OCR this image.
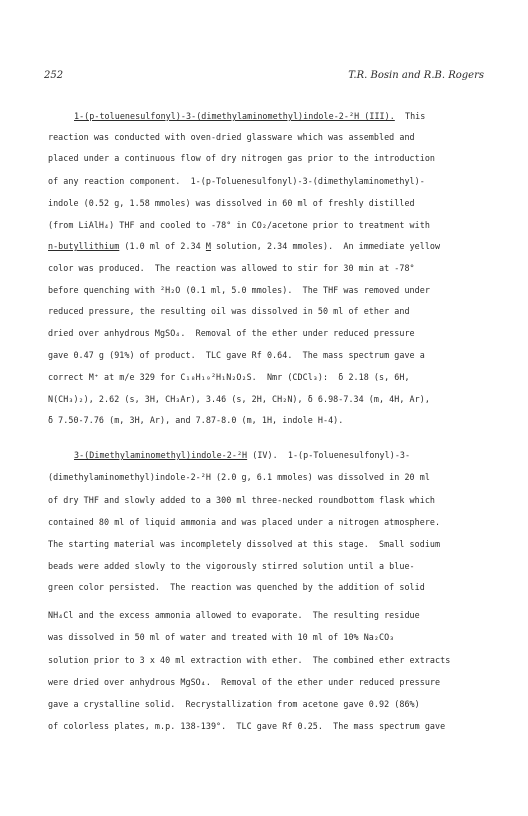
252	T.R. Bosin and R.B. Rogers
1-(p-toluenesulfonyl)-3-(dimethylaminomethyl)indole-2-²H (III).  This
reaction was conducted with oven-dried glassware which was assembled and
placed under a continuous flow of dry nitrogen gas prior to the introduction
of any reaction component.  1-(p-Toluenesulfonyl)-3-(dimethylaminomethyl)-
indole (0.52 g, 1.58 mmoles) was dissolved in 60 ml of freshly distilled
(from LiAlH₄) THF and cooled to -78° in CO₂/acetone prior to treatment with
n-butyllithium (1.0 ml of 2.34 M solution, 2.34 mmoles).  An immediate yellow
color was produced.  The reaction was allowed to stir for 30 min at -78°
before quenching with ²H₂O (0.1 ml, 5.0 mmoles).  The THF was removed under
reduced pressure, the resulting oil was dissolved in 50 ml of ether and
dried over anhydrous MgSO₄.  Removal of the ether under reduced pressure
gave 0.47 g (91%) of product.  TLC gave Rf 0.64.  The mass spectrum gave a
correct M⁺ at m/e 329 for C₁₈H₁₉²H₁N₂O₂S.  Nmr (CDCl₃):  δ 2.18 (s, 6H,
N(CH₃)₂), 2.62 (s, 3H, CH₃Ar), 3.46 (s, 2H, CH₂N), δ 6.98-7.34 (m, 4H, Ar),
δ 7.50-7.76 (m, 3H, Ar), and 7.87-8.0 (m, 1H, indole H-4).
3-(Dimethylaminomethyl)indole-2-²H (IV).  1-(p-Toluenesulfonyl)-3-
(dimethylaminomethyl)indole-2-²H (2.0 g, 6.1 mmoles) was dissolved in 20 ml
of dry THF and slowly added to a 300 ml three-necked roundbottom flask which
contained 80 ml of liquid ammonia and was placed under a nitrogen atmosphere.
The starting material was incompletely dissolved at this stage.  Small sodium
beads were added slowly to the vigorously stirred solution until a blue-
green color persisted.  The reaction was quenched by the addition of solid
NH₄Cl and the excess ammonia allowed to evaporate.  The resulting residue
was dissolved in 50 ml of water and treated with 10 ml of 10% Na₂CO₃
solution prior to 3 x 40 ml extraction with ether.  The combined ether extracts
were dried over anhydrous MgSO₄.  Removal of the ether under reduced pressure
gave a crystalline solid.  Recrystallization from acetone gave 0.92 (86%)
of colorless plates, m.p. 138-139°.  TLC gave Rf 0.25.  The mass spectrum gave
